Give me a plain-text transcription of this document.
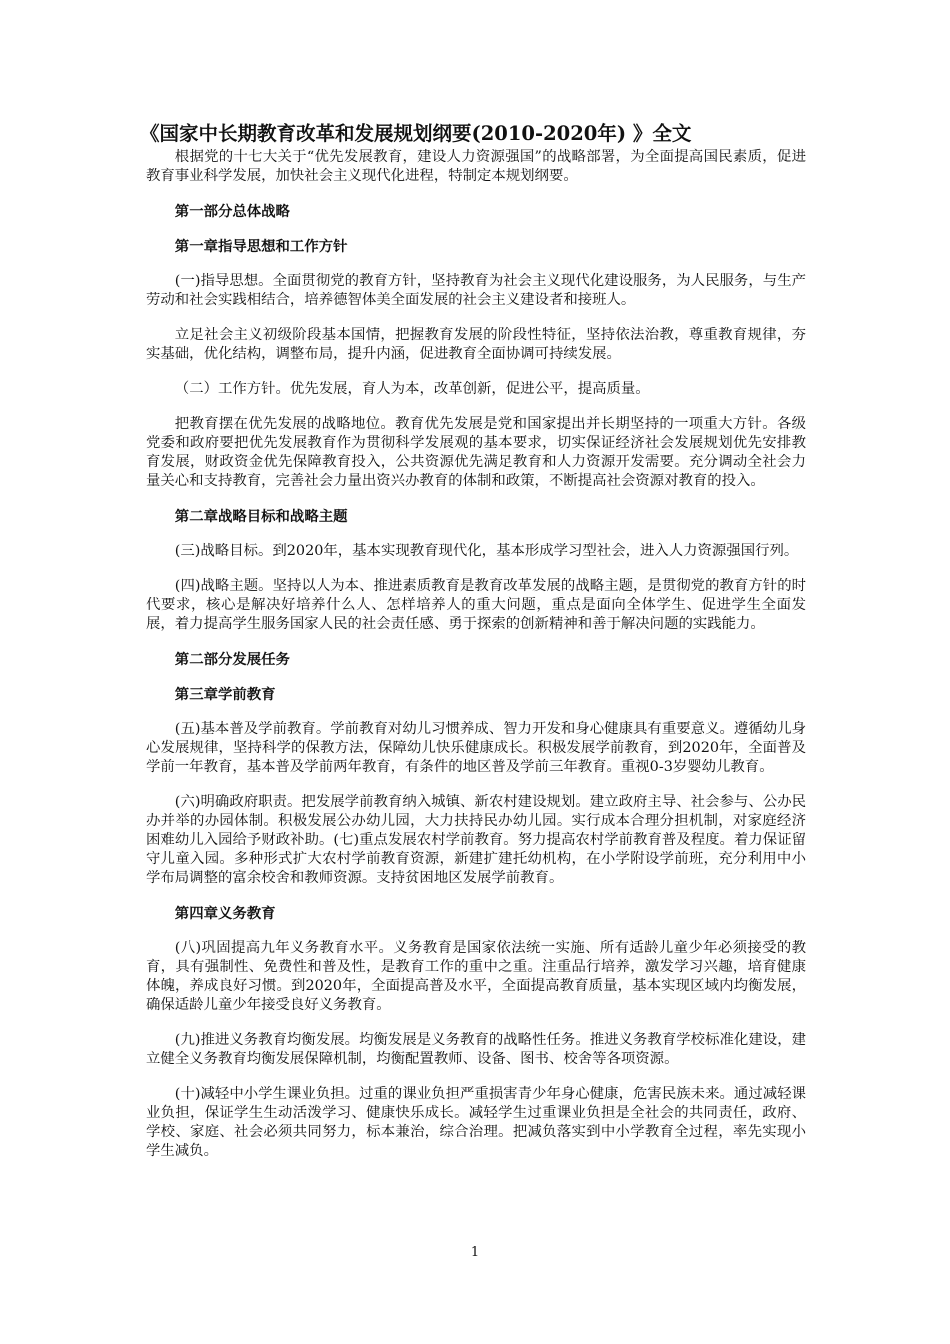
《国家中长期教育改革和发展规划纲要(2010-2020年) 》全文

根据党的十七大关于“优先发展教育，建设人力资源强国”的战略部署，为全面提高国民素质，促进教育事业科学发展，加快社会主义现代化进程，特制定本规划纲要。

第一部分总体战略

第一章指导思想和工作方针

(一)指导思想。全面贯彻党的教育方针，坚持教育为社会主义现代化建设服务，为人民服务，与生产劳动和社会实践相结合，培养德智体美全面发展的社会主义建设者和接班人。

立足社会主义初级阶段基本国情，把握教育发展的阶段性特征，坚持依法治教，尊重教育规律，夯实基础，优化结构，调整布局，提升内涵，促进教育全面协调可持续发展。

（二）工作方针。优先发展，育人为本，改革创新，促进公平，提高质量。

把教育摆在优先发展的战略地位。教育优先发展是党和国家提出并长期坚持的一项重大方针。各级党委和政府要把优先发展教育作为贯彻科学发展观的基本要求，切实保证经济社会发展规划优先安排教育发展，财政资金优先保障教育投入，公共资源优先满足教育和人力资源开发需要。充分调动全社会力量关心和支持教育，完善社会力量出资兴办教育的体制和政策，不断提高社会资源对教育的投入。

第二章战略目标和战略主题

(三)战略目标。到2020年，基本实现教育现代化，基本形成学习型社会，进入人力资源强国行列。

(四)战略主题。坚持以人为本、推进素质教育是教育改革发展的战略主题，是贯彻党的教育方针的时代要求，核心是解决好培养什么人、怎样培养人的重大问题，重点是面向全体学生、促进学生全面发展，着力提高学生服务国家人民的社会责任感、勇于探索的创新精神和善于解决问题的实践能力。

第二部分发展任务

第三章学前教育

(五)基本普及学前教育。学前教育对幼儿习惯养成、智力开发和身心健康具有重要意义。遵循幼儿身心发展规律，坚持科学的保教方法，保障幼儿快乐健康成长。积极发展学前教育，到2020年，全面普及学前一年教育，基本普及学前两年教育，有条件的地区普及学前三年教育。重视0-3岁婴幼儿教育。

(六)明确政府职责。把发展学前教育纳入城镇、新农村建设规划。建立政府主导、社会参与、公办民办并举的办园体制。积极发展公办幼儿园，大力扶持民办幼儿园。实行成本合理分担机制，对家庭经济困难幼儿入园给予财政补助。(七)重点发展农村学前教育。努力提高农村学前教育普及程度。着力保证留守儿童入园。多种形式扩大农村学前教育资源，新建扩建托幼机构，在小学附设学前班，充分利用中小学布局调整的富余校舍和教师资源。支持贫困地区发展学前教育。

第四章义务教育

(八)巩固提高九年义务教育水平。义务教育是国家依法统一实施、所有适龄儿童少年必须接受的教育，具有强制性、免费性和普及性，是教育工作的重中之重。注重品行培养，激发学习兴趣，培育健康体魄，养成良好习惯。到2020年，全面提高普及水平，全面提高教育质量，基本实现区域内均衡发展，确保适龄儿童少年接受良好义务教育。

(九)推进义务教育均衡发展。均衡发展是义务教育的战略性任务。推进义务教育学校标准化建设，建立健全义务教育均衡发展保障机制，均衡配置教师、设备、图书、校舍等各项资源。

(十)减轻中小学生课业负担。过重的课业负担严重损害青少年身心健康，危害民族未来。通过减轻课业负担，保证学生生动活泼学习、健康快乐成长。减轻学生过重课业负担是全社会的共同责任，政府、学校、家庭、社会必须共同努力，标本兼治，综合治理。把减负落实到中小学教育全过程，率先实现小学生减负。

1
